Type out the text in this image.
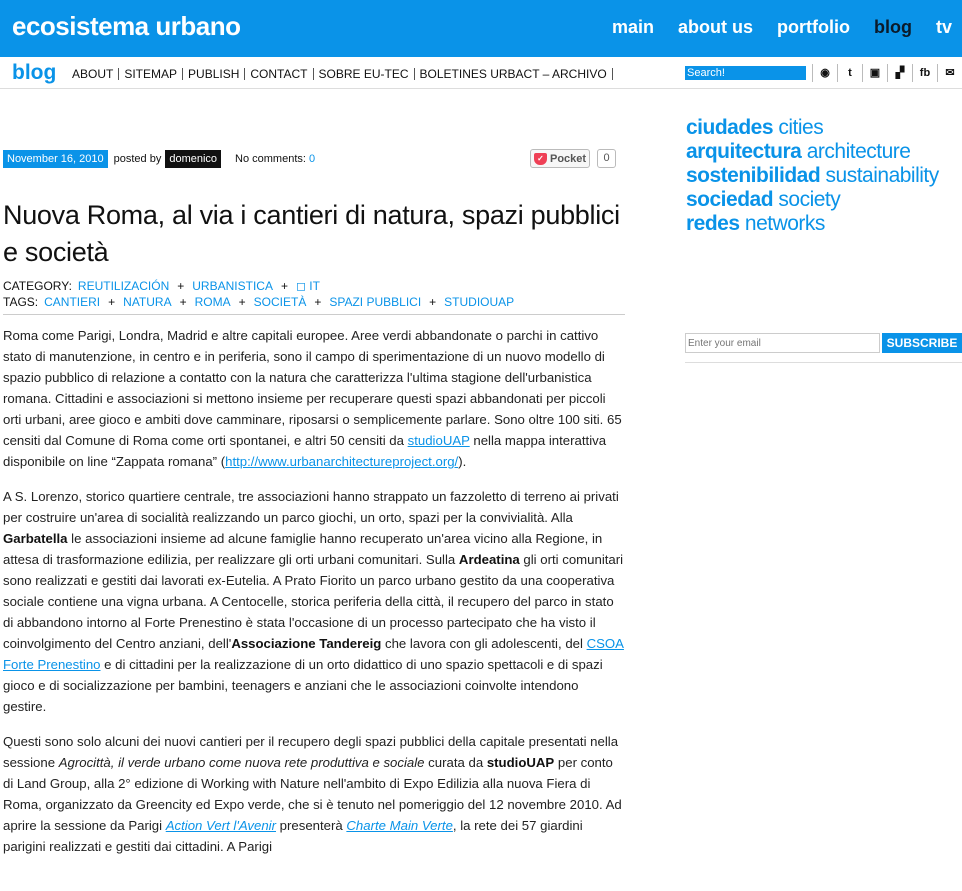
ecosistema urbano	main about us portfolio blog tv
blog	ABOUT SITEMAP PUBLISH CONTACT SOBRE EU-TEC BOLETINES URBACT – ARCHIVO
Search!	◉	t	▣	▞	fb	✉
November 16, 2010 posted by domenico	No comments: 0	✓ Pocket	0
Nuova Roma, al via i cantieri di natura, spazi pubblici e società
CATEGORY: REUTILIZACIÓN + URBANISTICA + ◻ IT
TAGS: CANTIERI + NATURA + ROMA + SOCIETÀ + SPAZI PUBBLICI + STUDIOUAP

Roma come Parigi, Londra, Madrid e altre capitali europee. Aree verdi abbandonate o parchi in cattivo stato di manutenzione, in centro e in periferia, sono il campo di sperimentazione di un nuovo modello di spazio pubblico di relazione a contatto con la natura che caratterizza l'ultima stagione dell'urbanistica romana. Cittadini e associazioni si mettono insieme per recuperare questi spazi abbandonati per piccoli orti urbani, aree gioco e ambiti dove camminare, riposarsi o semplicemente parlare. Sono oltre 100 siti. 65 censiti dal Comune di Roma come orti spontanei, e altri 50 censiti da studioUAP nella mappa interattiva disponibile on line “Zappata romana” (http://www.urbanarchitectureproject.org/).

A S. Lorenzo, storico quartiere centrale, tre associazioni hanno strappato un fazzoletto di terreno ai privati per costruire un'area di socialità realizzando un parco giochi, un orto, spazi per la convivialità. Alla Garbatella le associazioni insieme ad alcune famiglie hanno recuperato un'area vicino alla Regione, in attesa di trasformazione edilizia, per realizzare gli orti urbani comunitari. Sulla Ardeatina gli orti comunitari sono realizzati e gestiti dai lavorati ex-Eutelia. A Prato Fiorito un parco urbano gestito da una cooperativa sociale contiene una vigna urbana. A Centocelle, storica periferia della città, il recupero del parco in stato di abbandono intorno al Forte Prenestino è stata l'occasione di un processo partecipato che ha visto il coinvolgimento del Centro anziani, dell'Associazione Tandereig che lavora con gli adolescenti, del CSOA Forte Prenestino e di cittadini per la realizzazione di un orto didattico di uno spazio spettacoli e di spazi gioco e di socializzazione per bambini, teenagers e anziani che le associazioni coinvolte intendono gestire.

Questi sono solo alcuni dei nuovi cantieri per il recupero degli spazi pubblici della capitale presentati nella sessione Agrocittà, il verde urbano come nuova rete produttiva e sociale curata da studioUAP per conto di Land Group, alla 2° edizione di Working with Nature nell'ambito di Expo Edilizia alla nuova Fiera di Roma, organizzato da Greencity ed Expo verde, che si è tenuto nel pomeriggio del 12 novembre 2010. Ad aprire la sessione da Parigi Action Vert l'Avenir presenterà Charte Main Verte, la rete dei 57 giardini parigini realizzati e gestiti dai cittadini. A Parigi

ciudades cities
arquitectura architecture
sostenibilidad sustainability
sociedad society
redes networks
Enter your email
SUBSCRIBE
